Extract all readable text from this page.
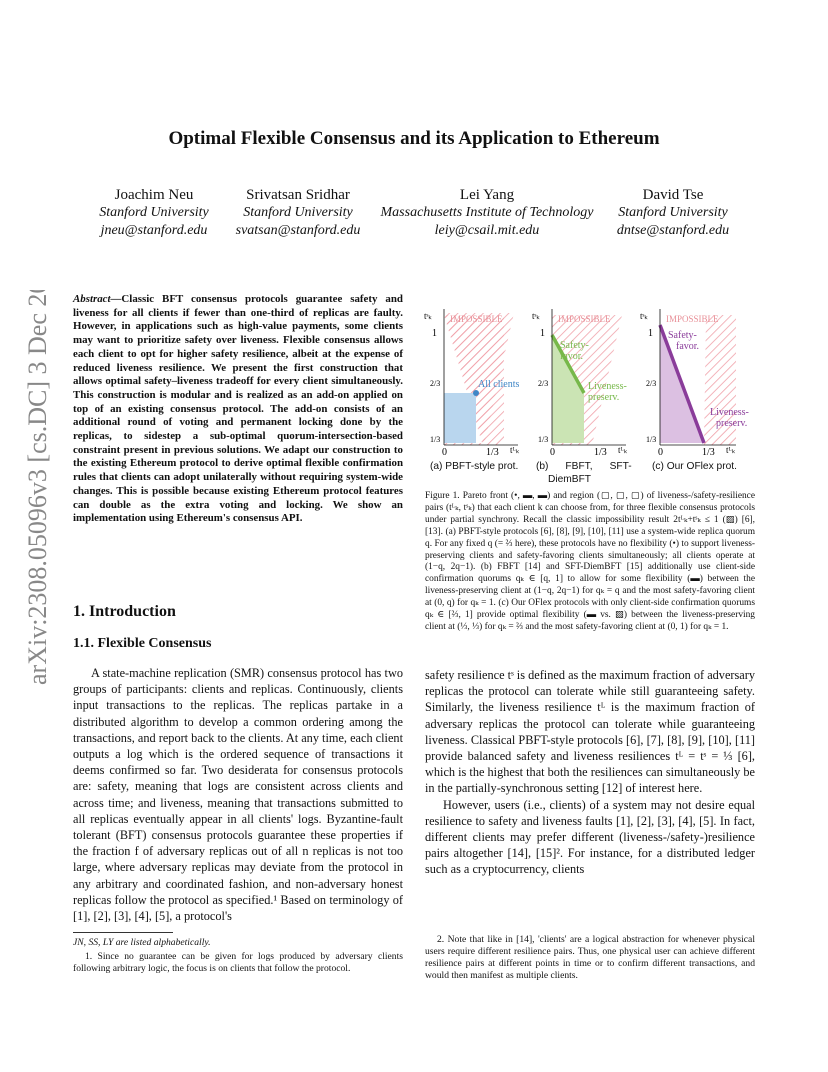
arXiv:2308.05096v3 [cs.DC] 3 Dec 2023
Optimal Flexible Consensus and its Application to Ethereum
Joachim Neu
Stanford University
jneu@stanford.edu
Srivatsan Sridhar
Stanford University
svatsan@stanford.edu
Lei Yang
Massachusetts Institute of Technology
leiy@csail.mit.edu
David Tse
Stanford University
dntse@stanford.edu
Abstract—Classic BFT consensus protocols guarantee safety and liveness for all clients if fewer than one-third of replicas are faulty. However, in applications such as high-value payments, some clients may want to prioritize safety over liveness. Flexible consensus allows each client to opt for higher safety resilience, albeit at the expense of reduced liveness resilience. We present the first construction that allows optimal safety–liveness tradeoff for every client simultaneously. This construction is modular and is realized as an add-on applied on top of an existing consensus protocol. The add-on consists of an additional round of voting and permanent locking done by the replicas, to sidestep a sub-optimal quorum-intersection-based constraint present in previous solutions. We adapt our construction to the existing Ethereum protocol to derive optimal flexible confirmation rules that clients can adopt unilaterally without requiring system-wide changes. This is possible because existing Ethereum protocol features can double as the extra voting and locking. We show an implementation using Ethereum's consensus API.
1. Introduction
1.1. Flexible Consensus

A state-machine replication (SMR) consensus protocol has two groups of participants: clients and replicas. Continuously, clients input transactions to the replicas. The replicas partake in a distributed algorithm to develop a common ordering among the transactions, and report back to the clients. At any time, each client outputs a log which is the ordered sequence of transactions it deems confirmed so far. Two desiderata for consensus protocols are: safety, meaning that logs are consistent across clients and across time; and liveness, meaning that transactions submitted to all replicas eventually appear in all clients' logs. Byzantine-fault tolerant (BFT) consensus protocols guarantee these properties if the fraction f of adversary replicas out of all n replicas is not too large, where adversary replicas may deviate from the protocol in any arbitrary and coordinated fashion, and non-adversary honest replicas follow the protocol as specified.¹ Based on terminology of [1], [2], [3], [4], [5], a protocol's

JN, SS, LY are listed alphabetically.
1. Since no guarantee can be given for logs produced by adversary clients following arbitrary logic, the focus is on clients that follow the protocol.
IMPOSSIBLE
tˢₖ
1
2/3
1/3
0	1/3 tᴸₖ
All clients
IMPOSSIBLE
tˢₖ
1
2/3
1/3
0	1/3 tᴸₖ
Safety-
favor.
Liveness-
preserv.
IMPOSSIBLE
tˢₖ
1
2/3
1/3
0	1/3 tᴸₖ
Safety-
favor.
Liveness-
preserv.
(a) PBFT-style prot. (b)      FBFT,      SFT-
DiemBFT
(c) Our OFlex prot.
Figure 1. Pareto front (•, ▬, ▬) and region (▢, ▢, ▢) of liveness-/safety-resilience pairs (tᴸₖ, tˢₖ) that each client k can choose from, for three flexible consensus protocols under partial synchrony. Recall the classic impossibility result 2tᴸₖ+tˢₖ ≤ 1 (▨) [6], [13]. (a) PBFT-style protocols [6], [8], [9], [10], [11] use a system-wide replica quorum q. For any fixed q (= ⅔ here), these protocols have no flexibility (•) to support liveness-preserving clients and safety-favoring clients simultaneously; all clients operate at (1−q, 2q−1). (b) FBFT [14] and SFT-DiemBFT [15] additionally use client-side confirmation quorums qₖ ∈ [q, 1] to allow for some flexibility (▬) between the liveness-preserving client at (1−q, 2q−1) for qₖ = q and the most safety-favoring client at (0, q) for qₖ = 1. (c) Our OFlex protocols with only client-side confirmation quorums qₖ ∈ [⅔, 1] provide optimal flexibility (▬ vs. ▨) between the liveness-preserving client at (⅓, ⅓) for qₖ = ⅔ and the most safety-favoring client at (0, 1) for qₖ = 1.

safety resilience tˢ is defined as the maximum fraction of adversary replicas the protocol can tolerate while still guaranteeing safety. Similarly, the liveness resilience tᴸ is the maximum fraction of adversary replicas the protocol can tolerate while guaranteeing liveness. Classical PBFT-style protocols [6], [7], [8], [9], [10], [11] provide balanced safety and liveness resiliences tᴸ = tˢ = ⅓ [6], which is the highest that both the resiliences can simultaneously be in the partially-synchronous setting [12] of interest here.

However, users (i.e., clients) of a system may not desire equal resilience to safety and liveness faults [1], [2], [3], [4], [5]. In fact, different clients may prefer different (liveness-/safety-)resilience pairs altogether [14], [15]². For instance, for a distributed ledger such as a cryptocurrency, clients

2. Note that like in [14], 'clients' are a logical abstraction for whenever physical users require different resilience pairs. Thus, one physical user can achieve different resilience pairs at different points in time or to confirm different transactions, and would then manifest as multiple clients.
